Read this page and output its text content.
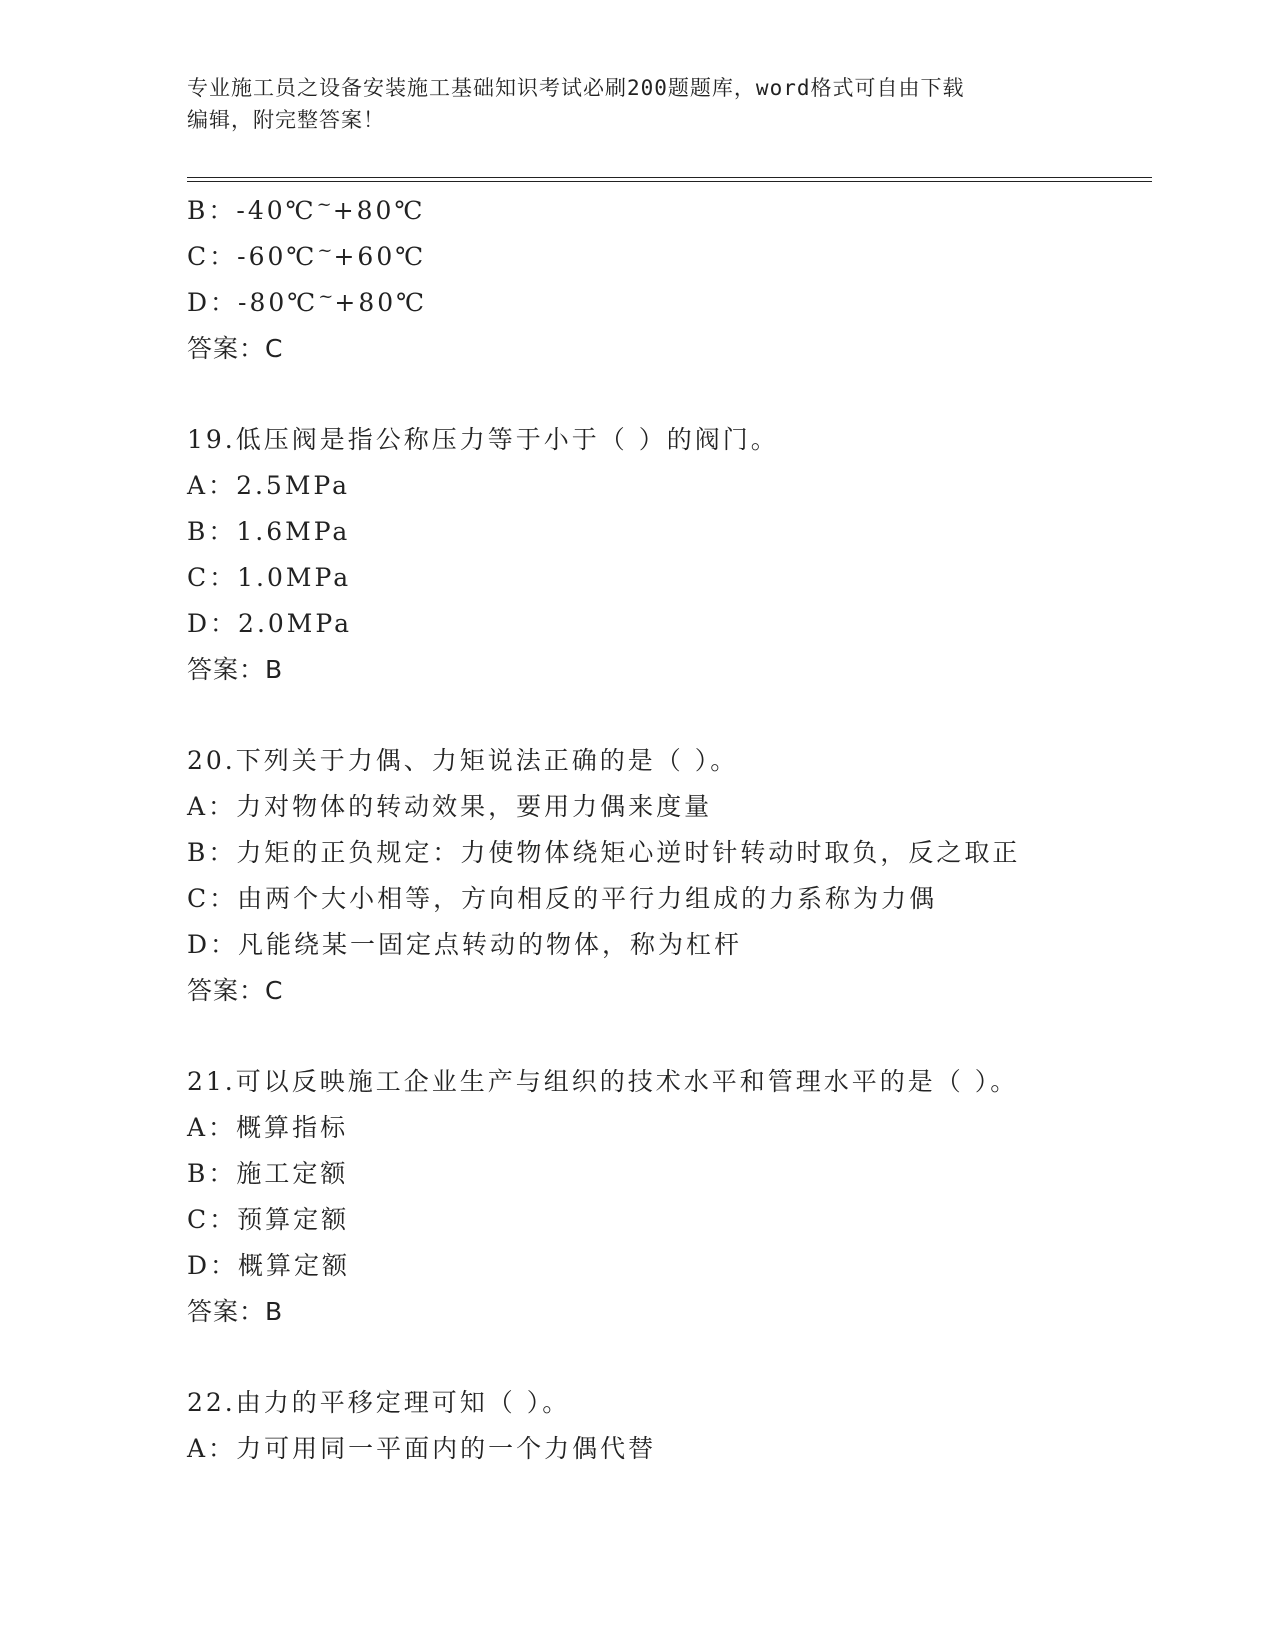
专业施工员之设备安装施工基础知识考试必刷200题题库，word格式可自由下载
编辑，附完整答案！
B：-40℃~+80℃
C：-60℃~+60℃
D：-80℃~+80℃
答案：C
19.低压阀是指公称压力等于小于（ ）的阀门。
A：2.5MPa
B：1.6MPa
C：1.0MPa
D：2.0MPa
答案：B
20.下列关于力偶、力矩说法正确的是（ ）。
A：力对物体的转动效果，要用力偶来度量
B：力矩的正负规定：力使物体绕矩心逆时针转动时取负，反之取正
C：由两个大小相等，方向相反的平行力组成的力系称为力偶
D：凡能绕某一固定点转动的物体，称为杠杆
答案：C
21.可以反映施工企业生产与组织的技术水平和管理水平的是（ ）。
A：概算指标
B：施工定额
C：预算定额
D：概算定额
答案：B
22.由力的平移定理可知（ ）。
A：力可用同一平面内的一个力偶代替
